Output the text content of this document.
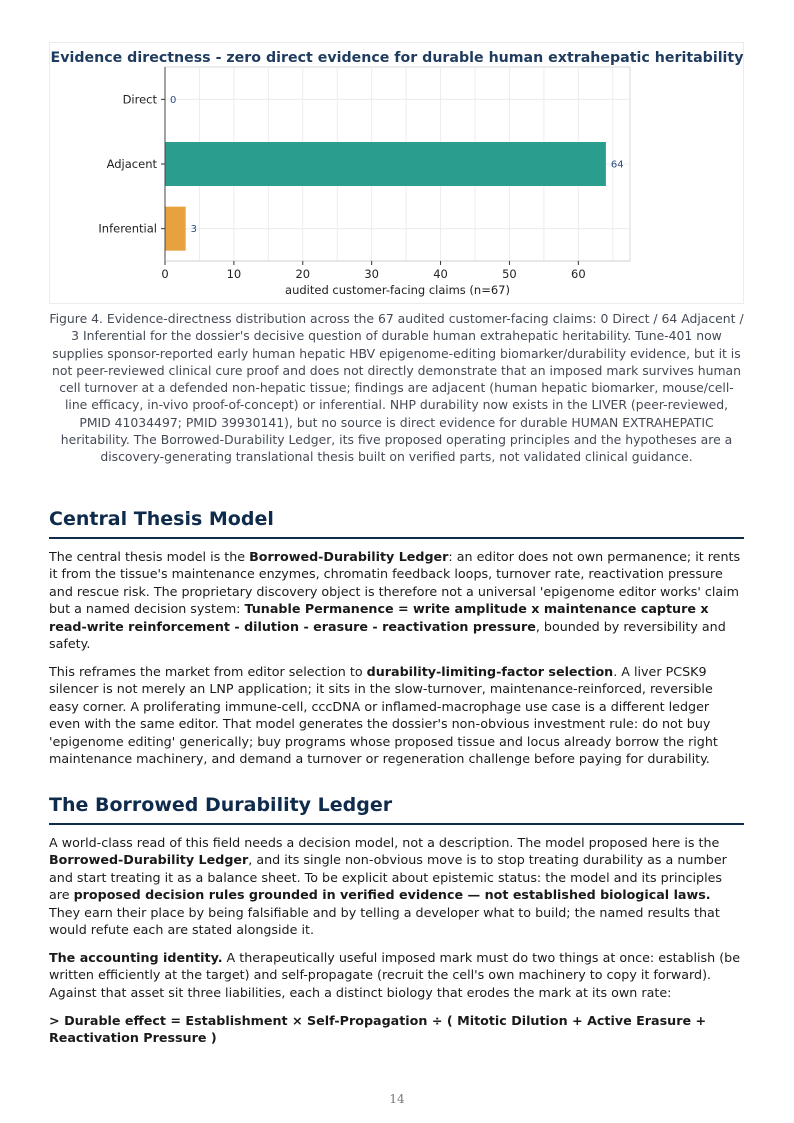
Evidence directness - zero direct evidence for durable human extrahepatic heritability
Direct 0
Adjacent	64
Inferential	3
0	10	20	30	40	50	60
audited customer-facing claims (n=67)

Figure 4. Evidence-directness distribution across the 67 audited customer-facing claims: 0 Direct / 64 Adjacent / 3 Inferential for the dossier's decisive question of durable human extrahepatic heritability. Tune-401 now supplies sponsor-reported early human hepatic HBV epigenome-editing biomarker/durability evidence, but it is not peer-reviewed clinical cure proof and does not directly demonstrate that an imposed mark survives human cell turnover at a defended non-hepatic tissue; findings are adjacent (human hepatic biomarker, mouse/cell-line efficacy, in-vivo proof-of-concept) or inferential. NHP durability now exists in the LIVER (peer-reviewed, PMID 41034497; PMID 39930141), but no source is direct evidence for durable HUMAN EXTRAHEPATIC heritability. The Borrowed-Durability Ledger, its five proposed operating principles and the hypotheses are a discovery-generating translational thesis built on verified parts, not validated clinical guidance.

Central Thesis Model

The central thesis model is the Borrowed-Durability Ledger: an editor does not own permanence; it rents it from the tissue's maintenance enzymes, chromatin feedback loops, turnover rate, reactivation pressure and rescue risk. The proprietary discovery object is therefore not a universal 'epigenome editor works' claim but a named decision system: Tunable Permanence = write amplitude x maintenance capture x read-write reinforcement - dilution - erasure - reactivation pressure, bounded by reversibility and safety.

This reframes the market from editor selection to durability-limiting-factor selection. A liver PCSK9 silencer is not merely an LNP application; it sits in the slow-turnover, maintenance-reinforced, reversible easy corner. A proliferating immune-cell, cccDNA or inflamed-macrophage use case is a different ledger even with the same editor. That model generates the dossier's non-obvious investment rule: do not buy 'epigenome editing' generically; buy programs whose proposed tissue and locus already borrow the right maintenance machinery, and demand a turnover or regeneration challenge before paying for durability.

The Borrowed Durability Ledger

A world-class read of this field needs a decision model, not a description. The model proposed here is the Borrowed-Durability Ledger, and its single non-obvious move is to stop treating durability as a number and start treating it as a balance sheet. To be explicit about epistemic status: the model and its principles are proposed decision rules grounded in verified evidence — not established biological laws. They earn their place by being falsifiable and by telling a developer what to build; the named results that would refute each are stated alongside it.

The accounting identity. A therapeutically useful imposed mark must do two things at once: establish (be written efficiently at the target) and self-propagate (recruit the cell's own machinery to copy it forward). Against that asset sit three liabilities, each a distinct biology that erodes the mark at its own rate:

> Durable effect = Establishment × Self-Propagation ÷ ( Mitotic Dilution + Active Erasure + Reactivation Pressure )

14
